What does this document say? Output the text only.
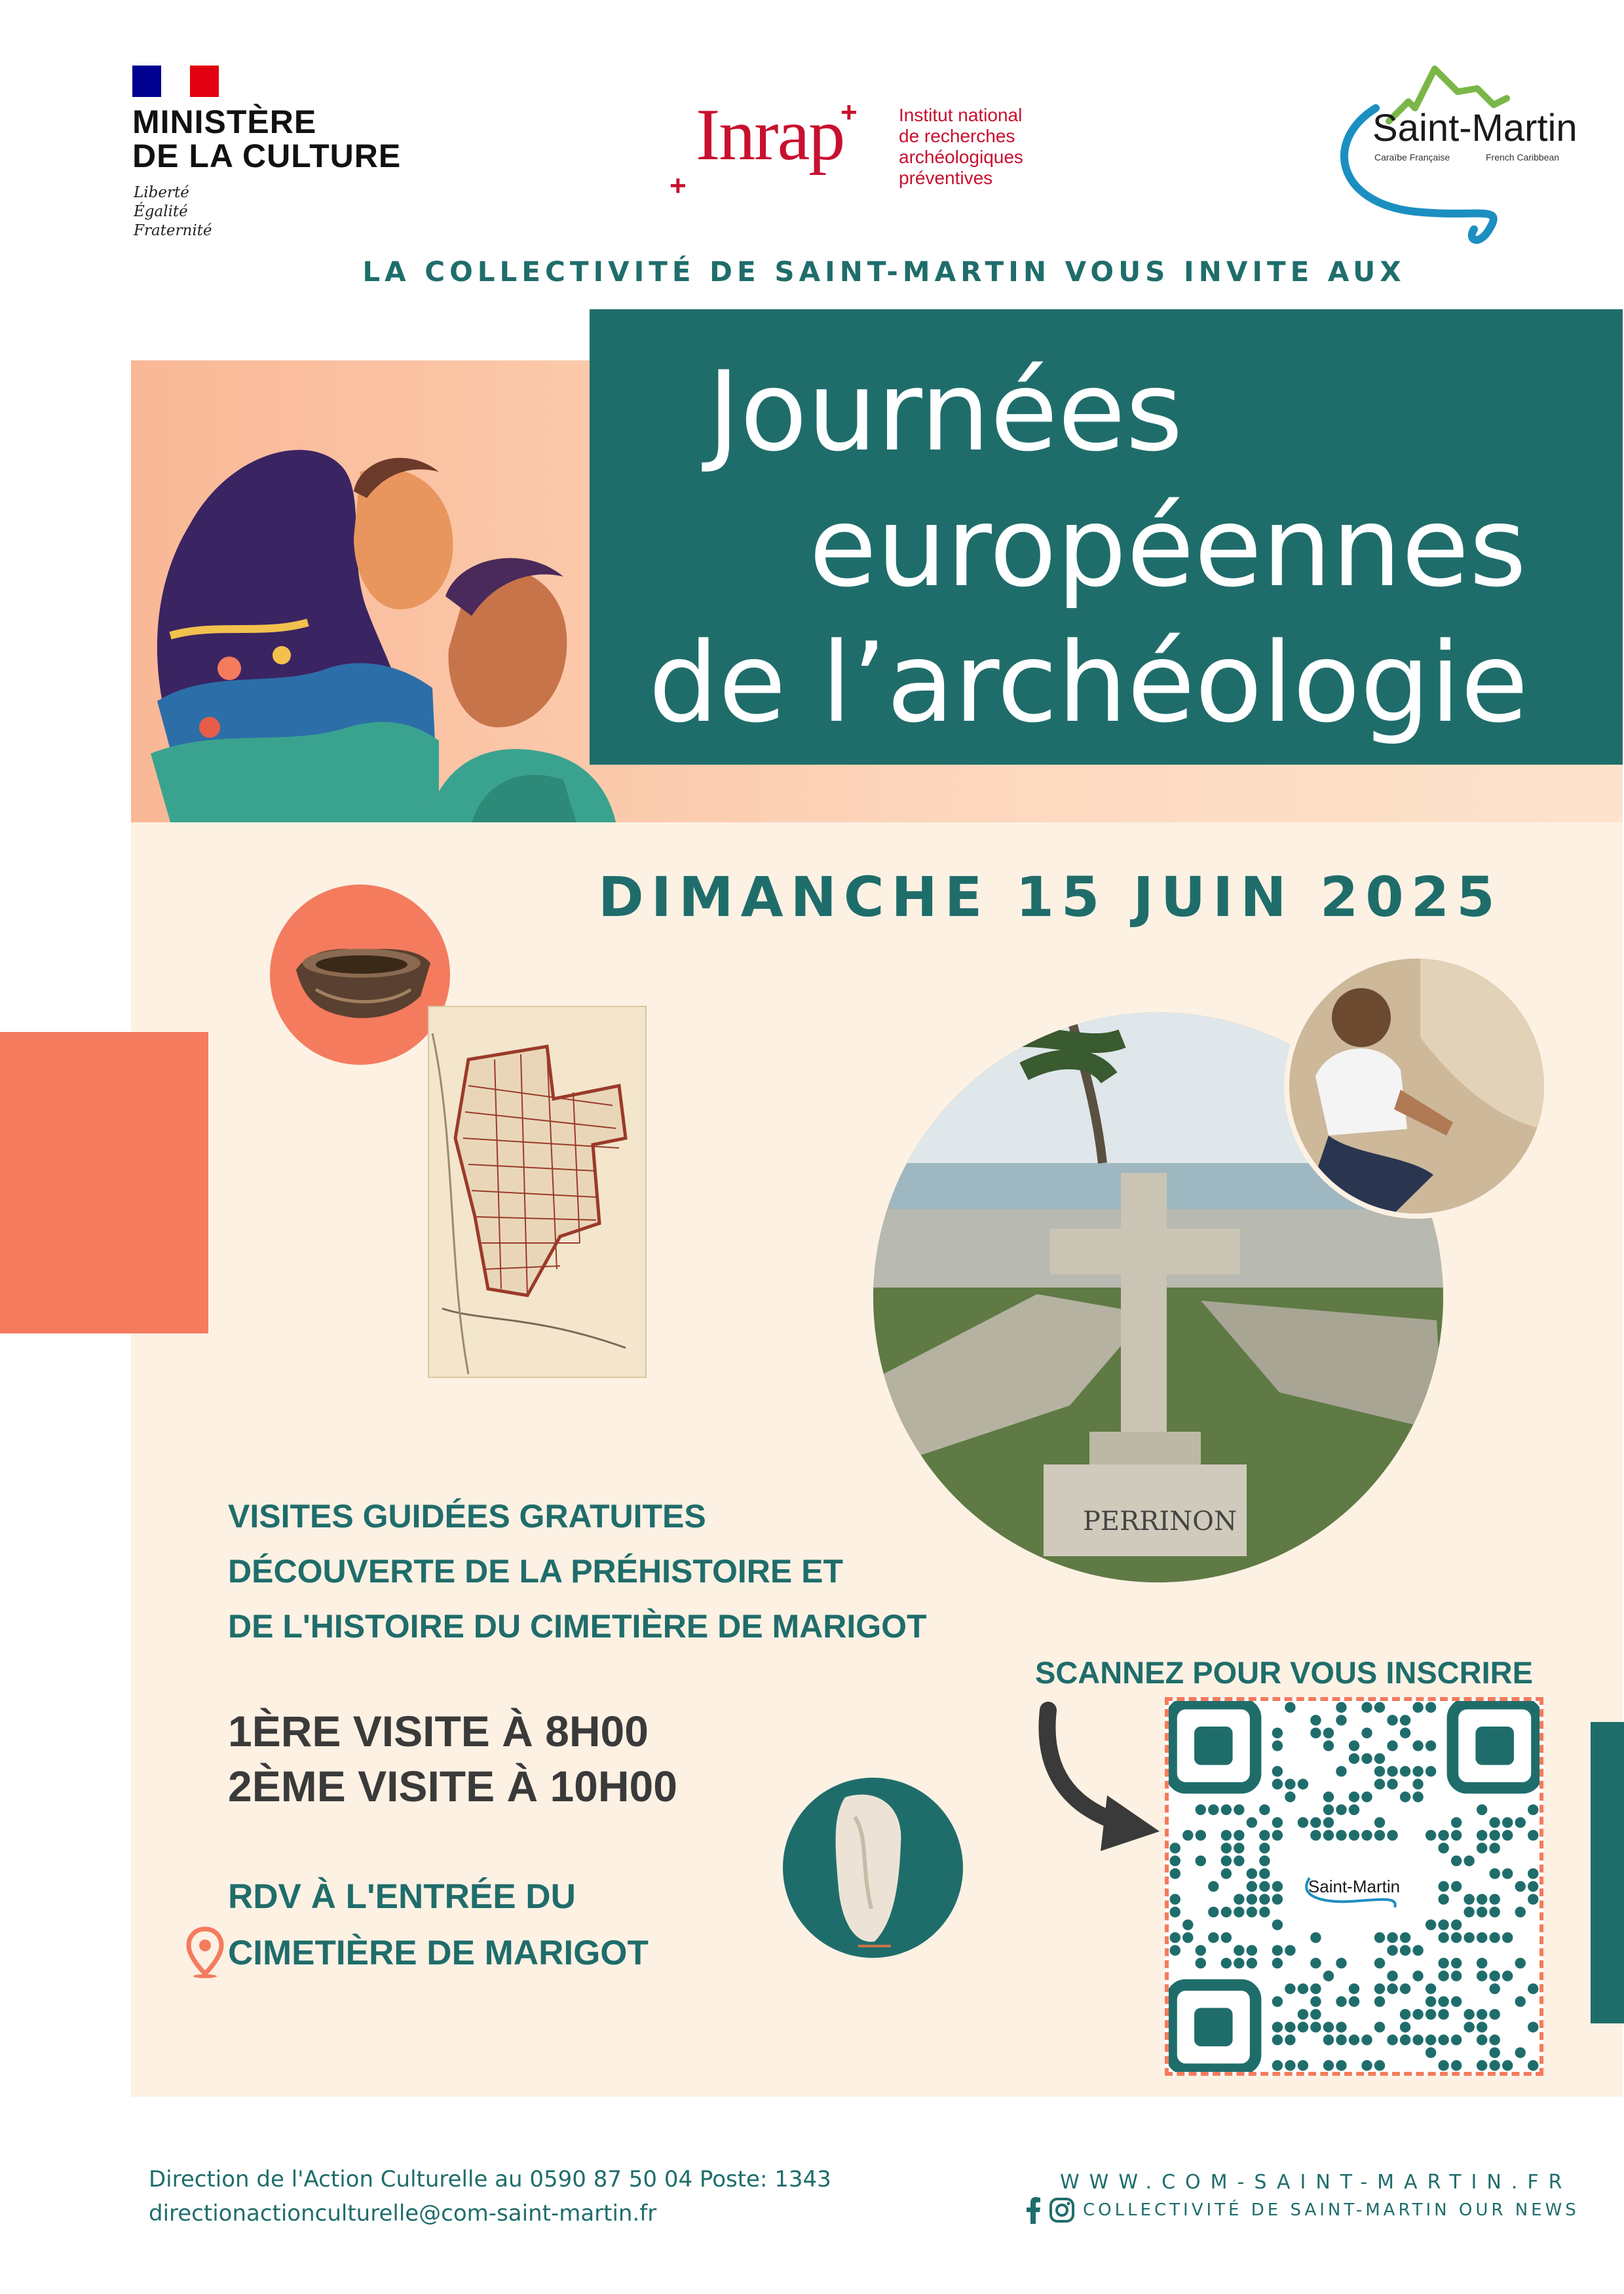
MINISTÈRE
DE LA CULTURE
Liberté
Égalité
Fraternité
Inrap
+
+ Institut national
de recherches
archéologiques
préventives
Saint-Martin
Caraïbe Française	French Caribbean
LA COLLECTIVITÉ DE SAINT-MARTIN VOUS INVITE AUX
Journées
européennes
de l’archéologie
DIMANCHE 15 JUIN 2025
PERRINON
VISITES GUIDÉES GRATUITES
DÉCOUVERTE DE LA PRÉHISTOIRE ET
DE L'HISTOIRE DU CIMETIÈRE DE MARIGOT
1ÈRE VISITE À 8H00
2ÈME VISITE À 10H00
RDV À L'ENTRÉE DU
CIMETIÈRE DE MARIGOT
SCANNEZ POUR VOUS INSCRIRE
Saint-Martin
Direction de l'Action Culturelle au 0590 87 50 04 Poste: 1343
directionactionculturelle@com-saint-martin.fr
WWW.COM-SAINT-MARTIN.FR
COLLECTIVITÉ DE SAINT-MARTIN OUR NEWS
